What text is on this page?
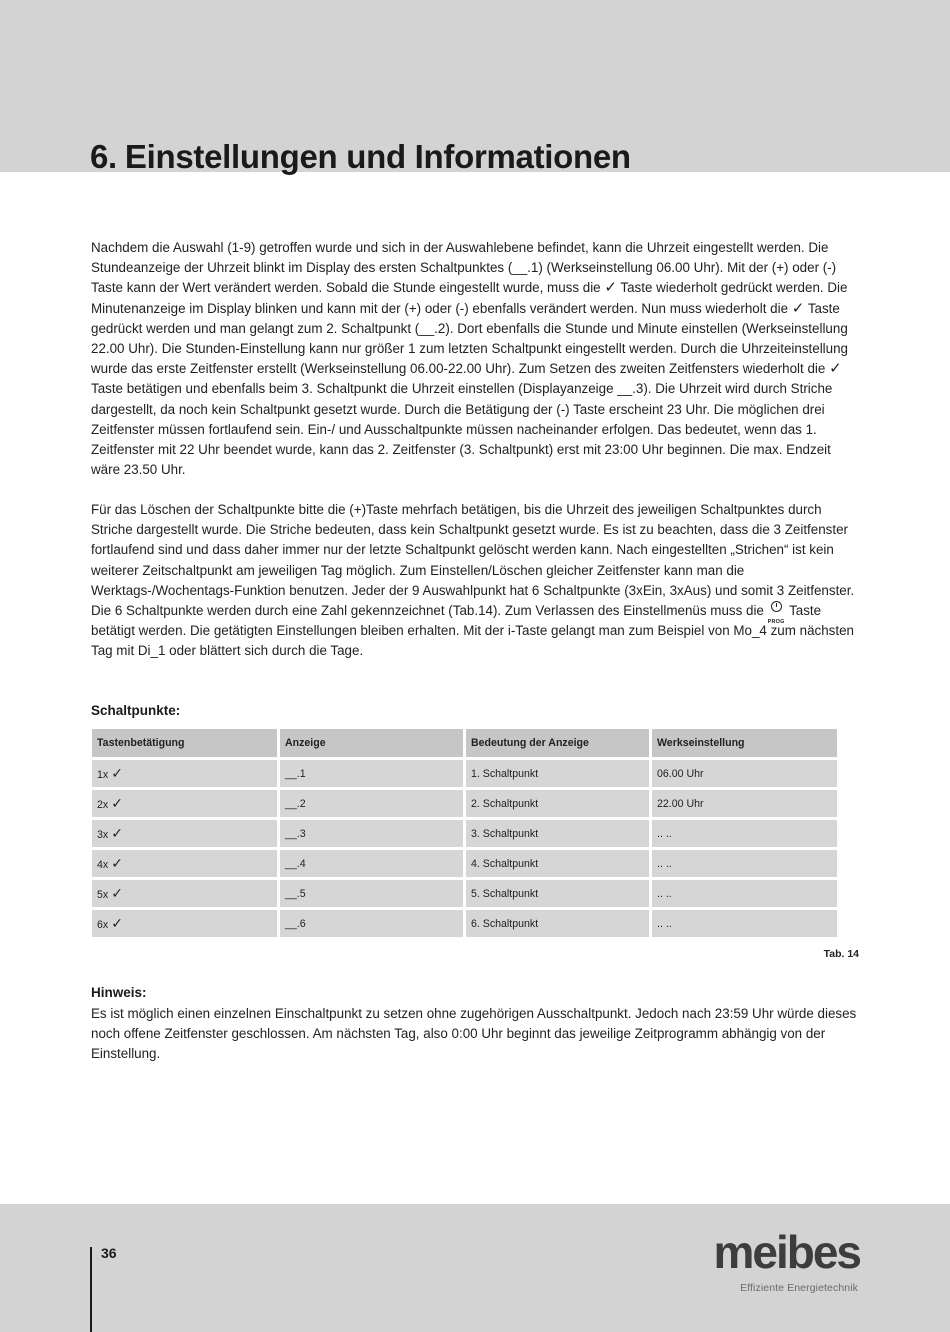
6. Einstellungen und Informationen

Nachdem die Auswahl (1-9) getroffen wurde und sich in der Auswahlebene befindet, kann die Uhrzeit eingestellt werden. Die Stundeanzeige der Uhrzeit blinkt im Display des ersten Schaltpunktes (__.1) (Werkseinstellung 06.00 Uhr). Mit der (+) oder (-) Taste kann der Wert verändert werden. Sobald die Stunde eingestellt wurde, muss die ✓ Taste wiederholt gedrückt werden. Die Minutenanzeige im Display blinken und kann mit der (+) oder (-) ebenfalls verändert werden. Nun muss wiederholt die ✓ Taste gedrückt werden und man gelangt zum 2. Schaltpunkt (__.2). Dort ebenfalls die Stunde und Minute einstellen (Werkseinstellung 22.00 Uhr). Die Stunden-Einstellung kann nur größer 1 zum letzten Schaltpunkt eingestellt werden. Durch die Uhrzeiteinstellung wurde das erste Zeitfenster erstellt (Werkseinstellung 06.00-22.00 Uhr). Zum Setzen des zweiten Zeitfensters wiederholt die ✓ Taste betätigen und ebenfalls beim 3. Schaltpunkt die Uhrzeit einstellen (Displayanzeige __.3). Die Uhrzeit wird durch Striche dargestellt, da noch kein Schaltpunkt gesetzt wurde. Durch die Betätigung der (-) Taste erscheint 23 Uhr. Die möglichen drei Zeitfenster müssen fortlaufend sein. Ein-/ und Ausschaltpunkte müssen nacheinander erfolgen. Das bedeutet, wenn das 1. Zeitfenster mit 22 Uhr beendet wurde, kann das 2. Zeitfenster (3. Schaltpunkt) erst mit 23:00 Uhr beginnen. Die max. Endzeit wäre 23.50 Uhr.

Für das Löschen der Schaltpunkte bitte die (+)Taste mehrfach betätigen, bis die Uhrzeit des jeweiligen Schaltpunktes durch Striche dargestellt wurde. Die Striche bedeuten, dass kein Schaltpunkt gesetzt wurde. Es ist zu beachten, dass die 3 Zeitfenster fortlaufend sind und dass daher immer nur der letzte Schaltpunkt gelöscht werden kann. Nach eingestellten „Strichen“ ist kein weiterer Zeitschaltpunkt am jeweiligen Tag möglich. Zum Einstellen/Löschen gleicher Zeitfenster kann man die Werktags-/Wochentags-Funktion benutzen. Jeder der 9 Auswahlpunkt hat 6 Schaltpunkte (3xEin, 3xAus) und somit 3 Zeitfenster. Die 6 Schaltpunkte werden durch eine Zahl gekennzeichnet (Tab.14). Zum Verlassen des Einstellmenüs muss die
PROG
Taste betätigt werden. Die getätigten Einstellungen bleiben erhalten. Mit der i-Taste gelangt man zum Beispiel von Mo_4 zum nächsten Tag mit Di_1 oder blättert sich durch die Tage.

Schaltpunkte:

Tastenbetätigung	Anzeige	Bedeutung der Anzeige	Werkseinstellung
1x ✓	__.1	1. Schaltpunkt	06.00 Uhr
2x ✓	__.2	2. Schaltpunkt	22.00 Uhr
3x ✓	__.3	3. Schaltpunkt	.. ..
4x ✓	__.4	4. Schaltpunkt	.. ..
5x ✓	__.5	5. Schaltpunkt	.. ..
6x ✓	__.6	6. Schaltpunkt	.. ..

Tab. 14

Hinweis:

Es ist möglich einen einzelnen Einschaltpunkt zu setzen ohne zugehörigen Ausschaltpunkt. Jedoch nach 23:59 Uhr würde dieses noch offene Zeitfenster geschlossen. Am nächsten Tag, also 0:00 Uhr beginnt das jeweilige Zeitprogramm abhängig von der Einstellung.

36	meibes

Effiziente Energietechnik
